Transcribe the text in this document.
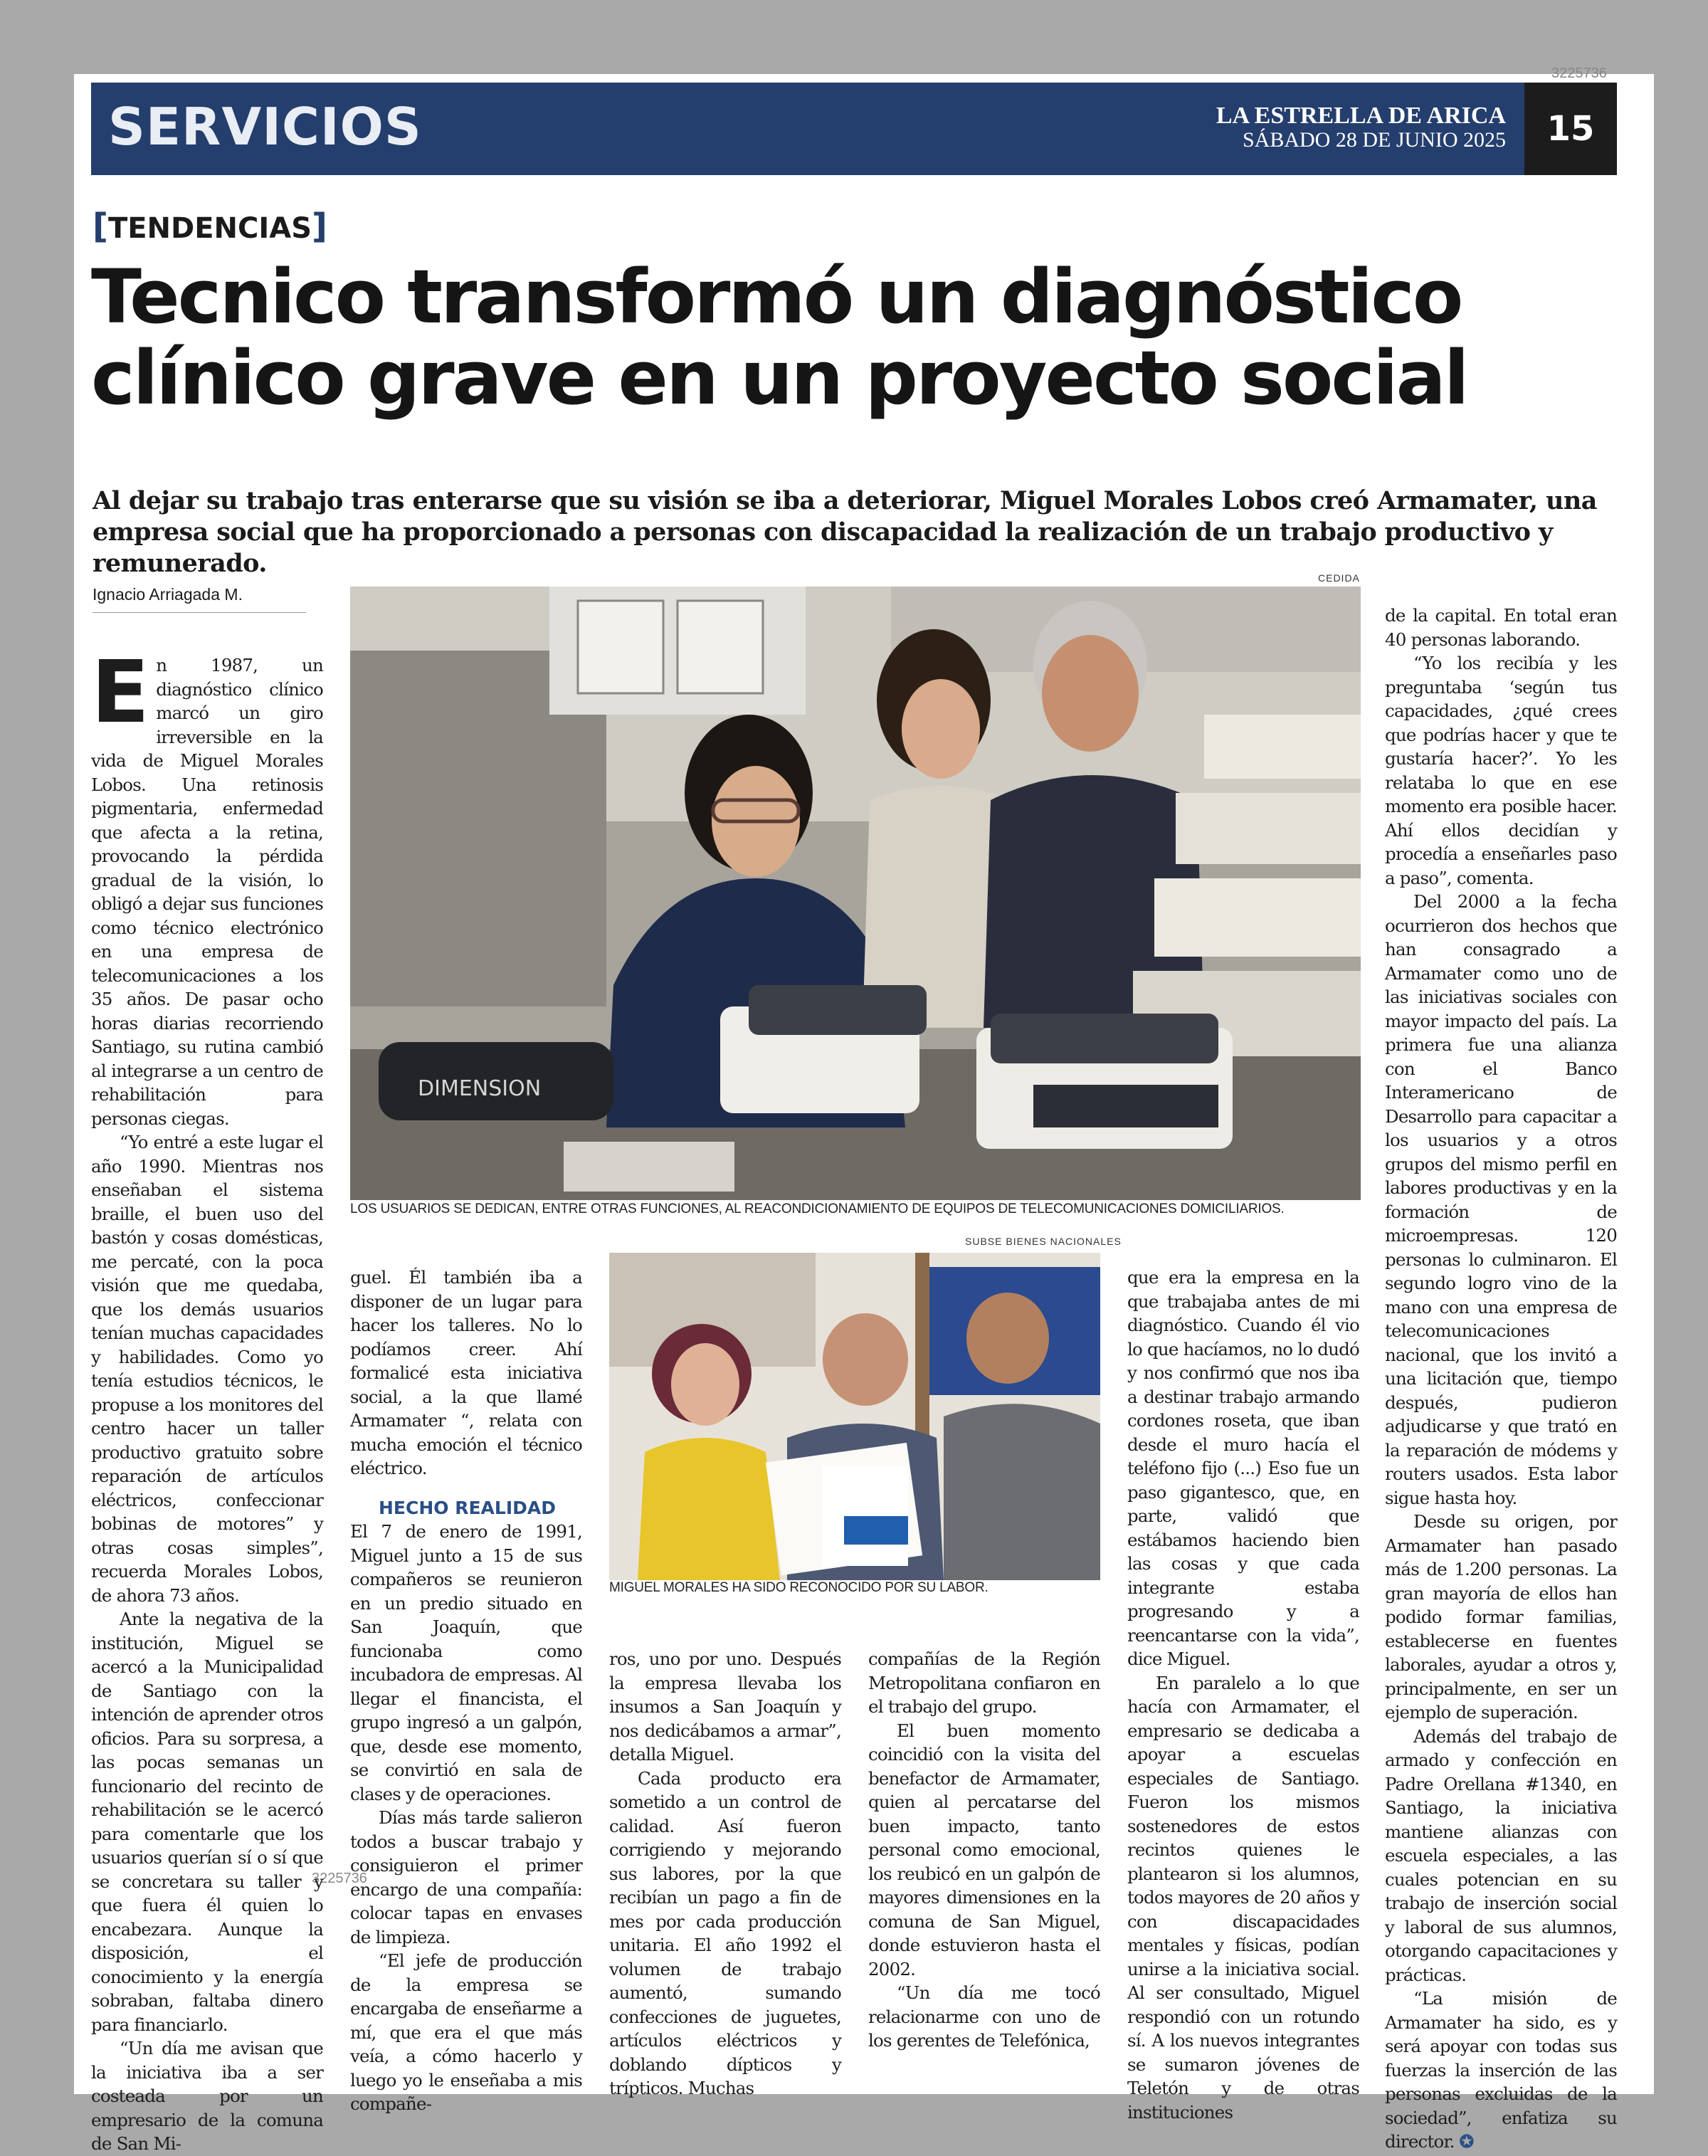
3225736
3225736
SERVICIOS	LA ESTRELLA DE ARICA
SÁBADO 28 DE JUNIO 2025	15
[TENDENCIAS]
Tecnico transformó un diagnóstico clínico grave en un proyecto social

Al dejar su trabajo tras enterarse que su visión se iba a deteriorar, Miguel Morales Lobos creó Armamater, una empresa social que ha proporcionado a personas con discapacidad la realización de un trabajo productivo y remunerado.

Ignacio Arriagada M.
CEDIDA
DIMENSION
LOS USUARIOS SE DEDICAN, ENTRE OTRAS FUNCIONES, AL REACONDICIONAMIENTO DE EQUIPOS DE TELECOMUNICACIONES DOMICILIARIOS.
SUBSE BIENES NACIONALES
MIGUEL MORALES HA SIDO RECONOCIDO POR SU LABOR.

En 1987, un diagnóstico clínico marcó un giro irreversible en la vida de Miguel Morales Lobos. Una retinosis pigmentaria, enfermedad que afecta a la retina, provocando la pérdida gradual de la visión, lo obligó a dejar sus funciones como técnico electrónico en una empresa de telecomunicaciones a los 35 años. De pasar ocho horas diarias recorriendo Santiago, su rutina cambió al integrarse a un centro de rehabilitación para personas ciegas.

“Yo entré a este lugar el año 1990. Mientras nos enseñaban el sistema braille, el buen uso del bastón y cosas domésticas, me percaté, con la poca visión que me quedaba, que los demás usuarios tenían muchas capacidades y habilidades. Como yo tenía estudios técnicos, le propuse a los monitores del centro hacer un taller productivo gratuito sobre reparación de artículos eléctricos, confeccionar bobinas de motores” y otras cosas simples”, recuerda Morales Lobos, de ahora 73 años.

Ante la negativa de la institución, Miguel se acercó a la Municipalidad de Santiago con la intención de aprender otros oficios. Para su sorpresa, a las pocas semanas un funcionario del recinto de rehabilitación se le acercó para comentarle que los usuarios querían sí o sí que se concretara su taller y que fuera él quien lo encabezara. Aunque la disposición, el conocimiento y la energía sobraban, faltaba dinero para financiarlo.

“Un día me avisan que la iniciativa iba a ser costeada por un empresario de la comuna de San Mi-

guel. Él también iba a disponer de un lugar para hacer los talleres. No lo podíamos creer. Ahí formalicé esta iniciativa social, a la que llamé Armamater “, relata con mucha emoción el técnico eléctrico.

HECHO REALIDAD

El 7 de enero de 1991, Miguel junto a 15 de sus compañeros se reunieron en un predio situado en San Joaquín, que funcionaba como incubadora de empresas. Al llegar el financista, el grupo ingresó a un galpón, que, desde ese momento, se convirtió en sala de clases y de operaciones.

Días más tarde salieron todos a buscar trabajo y consiguieron el primer encargo de una compañía: colocar tapas en envases de limpieza.

“El jefe de producción de la empresa se encargaba de enseñarme a mí, que era el que más veía, a cómo hacerlo y luego yo le enseñaba a mis compañe-

ros, uno por uno. Después la empresa llevaba los insumos a San Joaquín y nos dedicábamos a armar”, detalla Miguel.

Cada producto era sometido a un control de calidad. Así fueron corrigiendo y mejorando sus labores, por la que recibían un pago a fin de mes por cada producción unitaria. El año 1992 el volumen de trabajo aumentó, sumando confecciones de juguetes, artículos eléctricos y doblando dípticos y trípticos. Muchas

compañías de la Región Metropolitana confiaron en el trabajo del grupo.

El buen momento coincidió con la visita del benefactor de Armamater, quien al percatarse del buen impacto, tanto personal como emocional, los reubicó en un galpón de mayores dimensiones en la comuna de San Miguel, donde estuvieron hasta el 2002.

“Un día me tocó relacionarme con uno de los gerentes de Telefónica,

que era la empresa en la que trabajaba antes de mi diagnóstico. Cuando él vio lo que hacíamos, no lo dudó y nos confirmó que nos iba a destinar trabajo armando cordones roseta, que iban desde el muro hacía el teléfono fijo (...) Eso fue un paso gigantesco, que, en parte, validó que estábamos haciendo bien las cosas y que cada integrante estaba progresando y a reencantarse con la vida”, dice Miguel.

En paralelo a lo que hacía con Armamater, el empresario se dedicaba a apoyar a escuelas especiales de Santiago. Fueron los mismos sostenedores de estos recintos quienes le plantearon si los alumnos, todos mayores de 20 años y con discapacidades mentales y físicas, podían unirse a la iniciativa social. Al ser consultado, Miguel respondió con un rotundo sí. A los nuevos integrantes se sumaron jóvenes de Teletón y de otras instituciones

de la capital. En total eran 40 personas laborando.

“Yo los recibía y les preguntaba ‘según tus capacidades, ¿qué crees que podrías hacer y que te gustaría hacer?’. Yo les relataba lo que en ese momento era posible hacer. Ahí ellos decidían y procedía a enseñarles paso a paso”, comenta.

Del 2000 a la fecha ocurrieron dos hechos que han consagrado a Armamater como uno de las iniciativas sociales con mayor impacto del país. La primera fue una alianza con el Banco Interamericano de Desarrollo para capacitar a los usuarios y a otros grupos del mismo perfil en labores productivas y en la formación de microempresas. 120 personas lo culminaron. El segundo logro vino de la mano con una empresa de telecomunicaciones nacional, que los invitó a una licitación que, tiempo después, pudieron adjudicarse y que trató en la reparación de módems y routers usados. Esta labor sigue hasta hoy.

Desde su origen, por Armamater han pasado más de 1.200 personas. La gran mayoría de ellos han podido formar familias, establecerse en fuentes laborales, ayudar a otros y, principalmente, en ser un ejemplo de superación.

Además del trabajo de armado y confección en Padre Orellana #1340, en Santiago, la iniciativa mantiene alianzas con escuela especiales, a las cuales potencian en su trabajo de inserción social y laboral de sus alumnos, otorgando capacitaciones y prácticas.

“La misión de Armamater ha sido, es y será apoyar con todas sus fuerzas la inserción de las personas excluidas de la sociedad”, enfatiza su director. ✪
